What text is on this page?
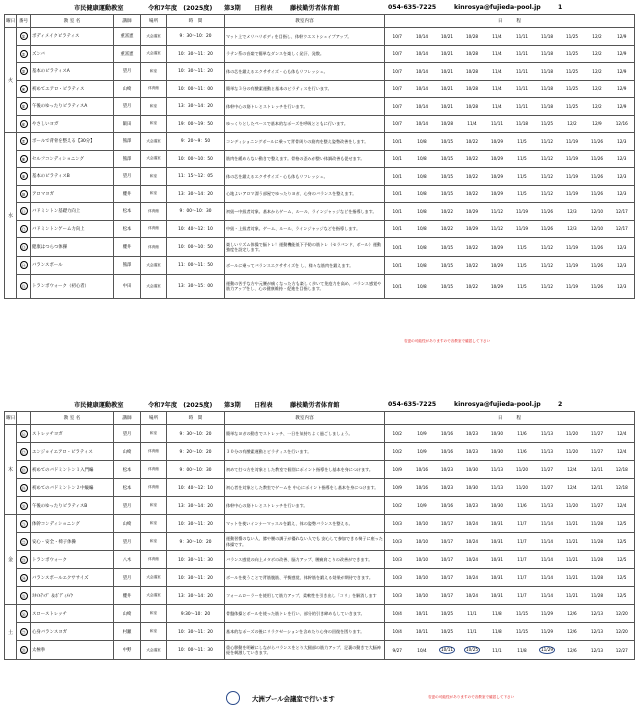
市民健康運動教室	令和7年度　(2025度)	第3期	日程表	藤枝勤労者体育館	054-635-7225	kinrosya@fujieda-pool.jp	1
曜日	番号	教 室 名	講師	場所	時　間	教室内容	日　　　程									
火	①	ボディメイクピラティス	重富憲	大会議室	9：30〜10：20	マット上でメリハリボディを目指し、体幹ウエストシェイプアップ。	10/7	10/14	10/21	10/28	11/4	11/11	11/18	11/25	12/2	12/9
	②	ズンバ	重富憲	大会議室	10：30〜11：20	ラテン系の音楽で簡単なダンスを楽しく発汗、発散。	10/7	10/14	10/21	10/28	11/4	11/11	11/18	11/25	12/2	12/9
	③	基本のピラティスA	望月	和室	10：30〜11：20	体の芯を鍛えるエクササイズ・心も体もリフレッシュ。	10/7	10/14	10/21	10/28	11/4	11/11	11/18	11/25	12/2	12/9
	④	初めてエアロ・ピラティス	山崎	体育館	10：00〜11：00	簡単な３分の有酸素運動と基本のピラティスを行います。	10/7	10/14	10/21	10/28	11/4	11/11	11/18	11/25	12/2	12/9
	⑤	午後のゆったりピラティスA	望月	和室	13：30〜14：20	体幹中心の筋トレとストレッチを行います。	10/7	10/14	10/21	10/28	11/4	11/11	11/18	11/25	12/2	12/9
	⑥	やさしいヨガ	飯田	和室	19：00〜19：50	ゆっくりとしたペースで基本的なポーズを呼吸とともに行います。	10/7	10/14	10/28	11/4	11/11	11/18	11/25	12/2	12/9	12/16
水	⑦	ボールで背骨を整える【30分】	熊澤	大会議室	9：20〜9：50	コンディショニングボールに乗って背骨周りの筋肉を整え姿勢改善をします。	10/1	10/8	10/15	10/22	10/29	11/5	11/12	11/19	11/26	12/3
	⑧	セルフコンディショニング	熊澤	大会議室	10：00〜10：50	筋肉を緩めらない動きで整えます。骨格の歪みが整い体調改善も促せます。	10/1	10/8	10/15	10/22	10/29	11/5	11/12	11/19	11/26	12/3
	⑨	基本のピラティスB	望月	和室	11：15〜12：05	体の芯を鍛えるエクササイズ・心も体もリフレッシュ。	10/1	10/8	10/15	10/22	10/29	11/5	11/12	11/19	11/26	12/3
	⑩	アロマヨガ	櫻井	和室	13：30〜14：20	心地よいアロマ漂う部屋でゆったりヨガ、心身のバランスを整えます。	10/1	10/8	10/15	10/22	10/29	11/5	11/12	11/19	11/26	12/3
	⑪	バドミントン基礎力向上	松本	体育館	9：00〜10：30	初級〜中級者対象。基本からゲーム、ルール、ラインジャッジなどを指導します。	10/1	10/8	10/22	10/29	11/12	11/19	11/26	12/3	12/10	12/17
	⑫	バドミントンゲーム力向上	松本	体育館	10：40〜12：10	中級・上級者対象。ゲーム、ルール、ラインジャッジなどを指導します。	10/1	10/8	10/22	10/29	11/12	11/19	11/26	12/3	12/10	12/17
	⑬	健康はつらつ体操	櫻井	体育館	10：00〜10：50	楽しいリズム体操で脳トレ！運動機能低下予防の筋トレ（セラバンド、ボール）運動強度を設定します。	10/1	10/8	10/15	10/22	10/29	11/5	11/12	11/19	11/26	12/3
	⑭	バランスボール	熊澤	大会議室	11：00〜11：50	ボールに乗ってバランスエクササイズを し、様々な筋肉を鍛えます。	10/1	10/8	10/15	10/22	10/29	11/5	11/12	11/19	11/26	12/3
	⑮	トランポウォーク（初心者）	中田	大会議室	13：30〜15：00	運動の苦手な方や元腰が痛くなった方も楽しく歩いて免疫力を高め、バランス感覚や筋力アップをし、心の健康維持・促進を目指します。	10/1	10/8	10/15	10/22	10/29	11/5	11/12	11/19	11/26	12/3
変更の可能性がありますので各教室で確認して下さい
市民健康運動教室	令和7年度　(2025度)	第3期	日程表	藤枝勤労者体育館	054-635-7225	kinrosya@fujieda-pool.jp	2
曜日		教 室 名	講師	場所	時　間	教室内容	日　　　程									
木	⑯	ストレッチヨガ	望月	和室	9：30〜10：20	簡単なヨガの動きでストレッチ、一日を気持ちよく過ごしましょう。	10/2	10/9	10/16	10/23	10/30	11/6	11/13	11/20	11/27	12/4
	⑰	エンジョイエアロ・ピラティス	山崎	体育館	9：20〜10：20	３０分の有酸素運動とピラティスを行います。	10/2	10/9	10/16	10/23	10/30	11/6	11/13	11/20	11/27	12/4
	⑱	初めてのバドミントン１入門編	松本	体育館	9：00〜10：30	初めて打つ方を対象とした教室で個別にポイント指導をし基本を身につけます。	10/9	10/16	10/23	10/30	11/13	11/20	11/27	12/4	12/11	12/18
	⑲	初めてのバドミントン２中級編	松本	体育館	10：40〜12：10	初心者を対象とした教室でゲームを 中心にポイント指導をし基本を身につけます。	10/9	10/16	10/23	10/30	11/13	11/20	11/27	12/4	12/11	12/18
	⑳	午後のゆったりピラティスB	望月	和室	13：30〜14：20	体幹中心の筋トレとストレッチを行います。	10/2	10/9	10/16	10/23	10/30	11/6	11/13	11/20	11/27	12/4
金	㉑	体幹コンディショニング	山崎	和室	10：30〜11：20	マットを使いインナーマッスルを鍛え、体の姿勢バランスを整える。	10/3	10/10	10/17	10/24	10/31	11/7	11/14	11/21	11/28	12/5
	㉒	安心・安全・椅子体操	望月	和室	9：30〜10：20	運動習慣のない人、膝や腰の調子が優れない人でも 安心して参加できる椅子に座った体操です。	10/3	10/10	10/17	10/24	10/31	11/7	11/14	11/21	11/28	12/5
	㉓	トランポウォーク	八木	体育館	10：30〜11：30	バランス感覚の向上メタボの改善、脳力アップ、腰痛肩こりの改善ができます。	10/3	10/10	10/17	10/24	10/31	11/7	11/14	11/21	11/28	12/5
	㉔	バランスボールエクササイズ	望月	大会議室	10：30〜11：20	ボールを使うことで背筋腹筋、平衡感覚、体幹筋を鍛える効果が期待できます。	10/3	10/10	10/17	10/24	10/31	11/7	11/14	11/21	11/28	12/5
	㉕	ｽﾀｲﾙｱｯﾌﾟ ＆ﾎﾞﾃﾞｨﾒｲｸ	櫻井	大会議室	13：30〜14：20	フォームローラーを使用して筋力アップ、柔軟性を引き出し「コリ」を解消します	10/3	10/10	10/17	10/24	10/31	11/7	11/14	11/21	11/28	12/5
土	㉖	スローストレッチ	山崎	和室	9:30〜10：20	骨盤体操とボールを使った筋トレを行い、部分的引き締めもしていきます。	10/4	10/11	10/25	11/1	11/8	11/15	11/29	12/6	12/13	12/20
	㉗	心身バランスヨガ	村瀬	和室	10：30〜11：20	基本的なポーズの後にリラクゼーションを含めたり心身の回復を図ります。	10/4	10/11	10/25	11/1	11/8	11/15	11/29	12/6	12/13	12/20
	㉘	太極拳	中野	大会議室	10：00〜11：30	重心移動を明確にしながらバランスをとり大腿部の筋力アップ、足裏の動きで大脳神経を刺激していきます。	9/27	10/4	10/11	10/25	11/1	11/8	11/29	12/6	12/13	12/27
大洲プール会議室で行います	変更の可能性がありますので各教室で確認して下さい
